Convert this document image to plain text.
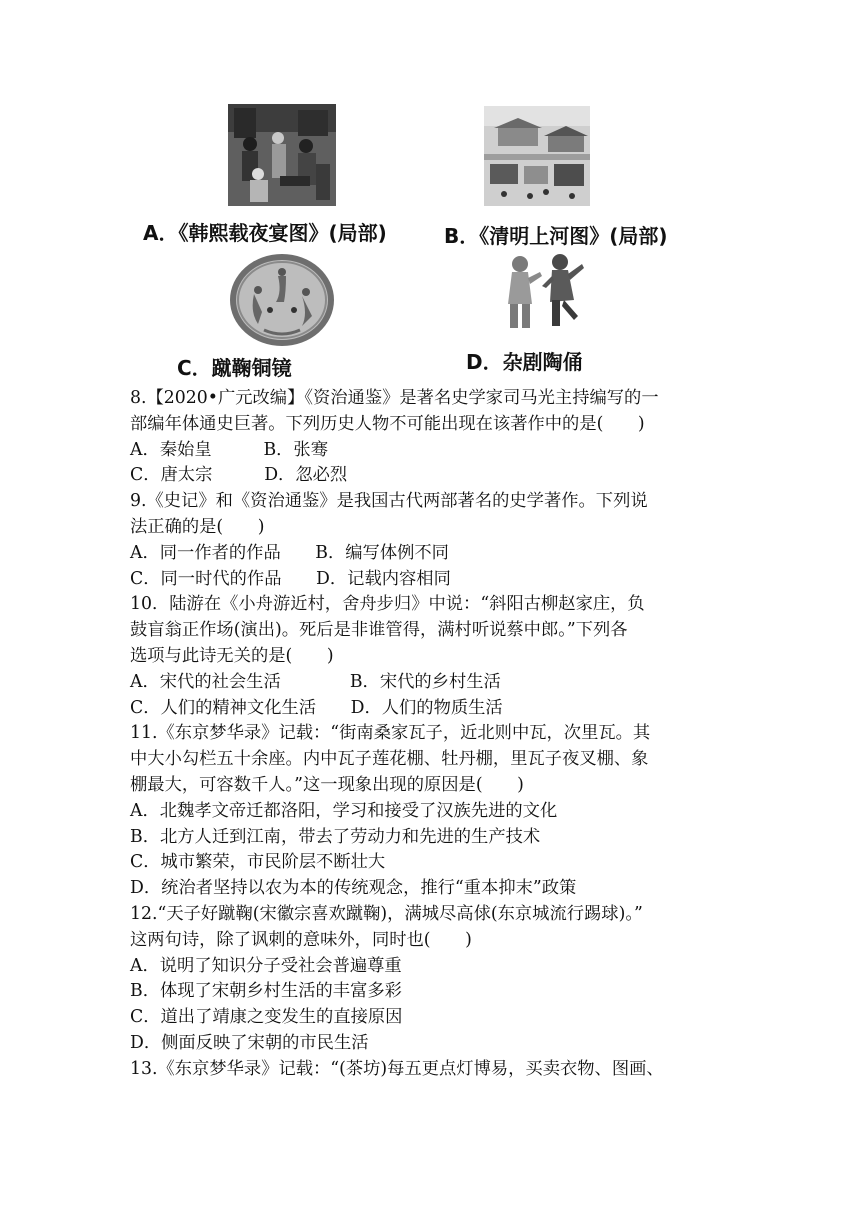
A．《韩熙载夜宴图》(局部)	B．《清明上河图》(局部)
C．蹴鞠铜镜	D．杂剧陶俑

8.【2020•广元改编】《资治通鉴》是著名史学家司马光主持编写的一

部编年体通史巨著。下列历史人物不可能出现在该著作中的是(　　)

A．秦始皇　　　B．张骞

C．唐太宗　　　D．忽必烈

9.《史记》和《资治通鉴》是我国古代两部著名的史学著作。下列说

法正确的是(　　)

A．同一作者的作品　　B．编写体例不同

C．同一时代的作品　　D．记载内容相同

10．陆游在《小舟游近村，舍舟步归》中说：“斜阳古柳赵家庄，负

鼓盲翁正作场(演出)。死后是非谁管得，满村听说蔡中郎。”下列各

选项与此诗无关的是(　　)

A．宋代的社会生活　　　　B．宋代的乡村生活

C．人们的精神文化生活　　D．人们的物质生活

11.《东京梦华录》记载：“街南桑家瓦子，近北则中瓦，次里瓦。其

中大小勾栏五十余座。内中瓦子莲花棚、牡丹棚，里瓦子夜叉棚、象

棚最大，可容数千人。”这一现象出现的原因是(　　)

A．北魏孝文帝迁都洛阳，学习和接受了汉族先进的文化

B．北方人迁到江南，带去了劳动力和先进的生产技术

C．城市繁荣，市民阶层不断壮大

D．统治者坚持以农为本的传统观念，推行“重本抑末”政策

12.“天子好蹴鞠(宋徽宗喜欢蹴鞠)，满城尽高俅(东京城流行踢球)。”

这两句诗，除了讽刺的意味外，同时也(　　)

A．说明了知识分子受社会普遍尊重

B．体现了宋朝乡村生活的丰富多彩

C．道出了靖康之变发生的直接原因

D．侧面反映了宋朝的市民生活

13.《东京梦华录》记载：“(茶坊)每五更点灯博易，买卖衣物、图画、
